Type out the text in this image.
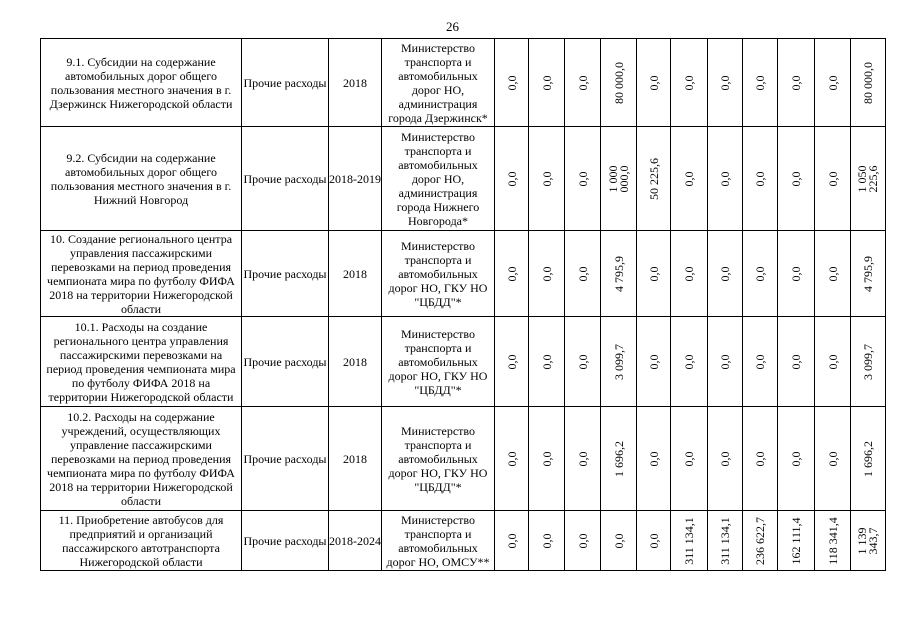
26
9.1. Субсидии на содержание автомобильных дорог общего пользования местного значения в г. Дзержинск Нижегородской области	Прочие расходы	2018	Министерство транспорта и автомобильных дорог НО, администрация города Дзержинск*	0,0	0,0	0,0	80 000,0	0,0	0,0	0,0	0,0	0,0	0,0	80 000,0

9.2. Субсидии на содержание автомобильных дорог общего пользования местного значения в г. Нижний Новгород	Прочие расходы	2018-2019	Министерство транспорта и автомобильных дорог НО, администрация города Нижнего Новгорода*	0,0	0,0	0,0	1 000 000,0	50 225,6	0,0	0,0	0,0	0,0	0,0	1 050 225,6

10. Создание регионального центра управления пассажирскими перевозками на период проведения чемпионата мира по футболу ФИФА 2018 на территории Нижегородской области	Прочие расходы	2018	Министерство транспорта и автомобильных дорог НО, ГКУ НО "ЦБДД"*	0,0	0,0	0,0	4 795,9	0,0	0,0	0,0	0,0	0,0	0,0	4 795,9

10.1. Расходы на создание регионального центра управления пассажирскими перевозками на период проведения чемпионата мира по футболу ФИФА 2018 на территории Нижегородской области	Прочие расходы	2018	Министерство транспорта и автомобильных дорог НО, ГКУ НО "ЦБДД"*	0,0	0,0	0,0	3 099,7	0,0	0,0	0,0	0,0	0,0	0,0	3 099,7

10.2. Расходы на содержание учреждений, осуществляющих управление пассажирскими перевозками на период проведения чемпионата мира по футболу ФИФА 2018 на территории Нижегородской области	Прочие расходы	2018	Министерство транспорта и автомобильных дорог НО, ГКУ НО "ЦБДД"*	0,0	0,0	0,0	1 696,2	0,0	0,0	0,0	0,0	0,0	0,0	1 696,2

11. Приобретение автобусов для предприятий и организаций пассажирского автотранспорта Нижегородской области	Прочие расходы	2018-2024	Министерство транспорта и автомобильных дорог НО, ОМСУ**	0,0	0,0	0,0	0,0	0,0	311 134,1	311 134,1	236 622,7	162 111,4	118 341,4	1 139 343,7
